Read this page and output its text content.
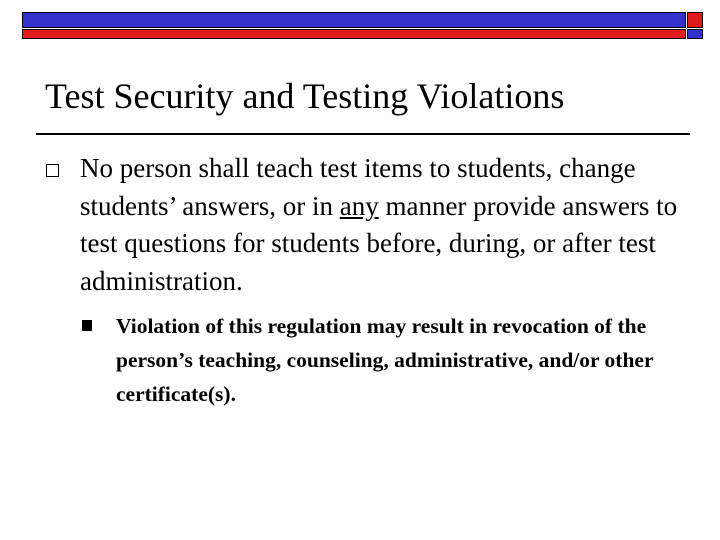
Test Security and Testing Violations
No person shall teach test items to students, change students’ answers, or in any manner provide answers to test questions for students before, during, or after test administration.
Violation of this regulation may result in revocation of the person’s teaching, counseling, administrative, and/or other certificate(s).
